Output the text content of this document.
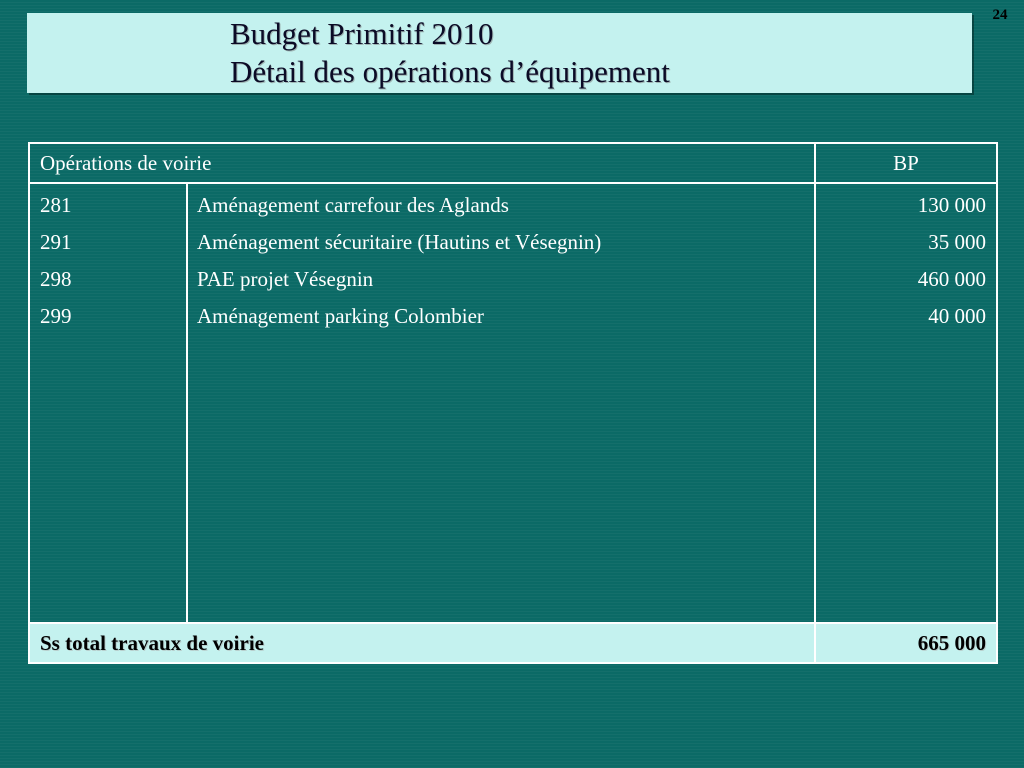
Budget Primitif 2010
Détail des opérations d’équipement
24
Opérations de voirie	BP
281	Aménagement carrefour des Aglands	130 000
291	Aménagement sécuritaire (Hautins et Vésegnin)	35 000
298	PAE projet Vésegnin	460 000
299	Aménagement parking Colombier	40 000
Ss total travaux de voirie	665 000
